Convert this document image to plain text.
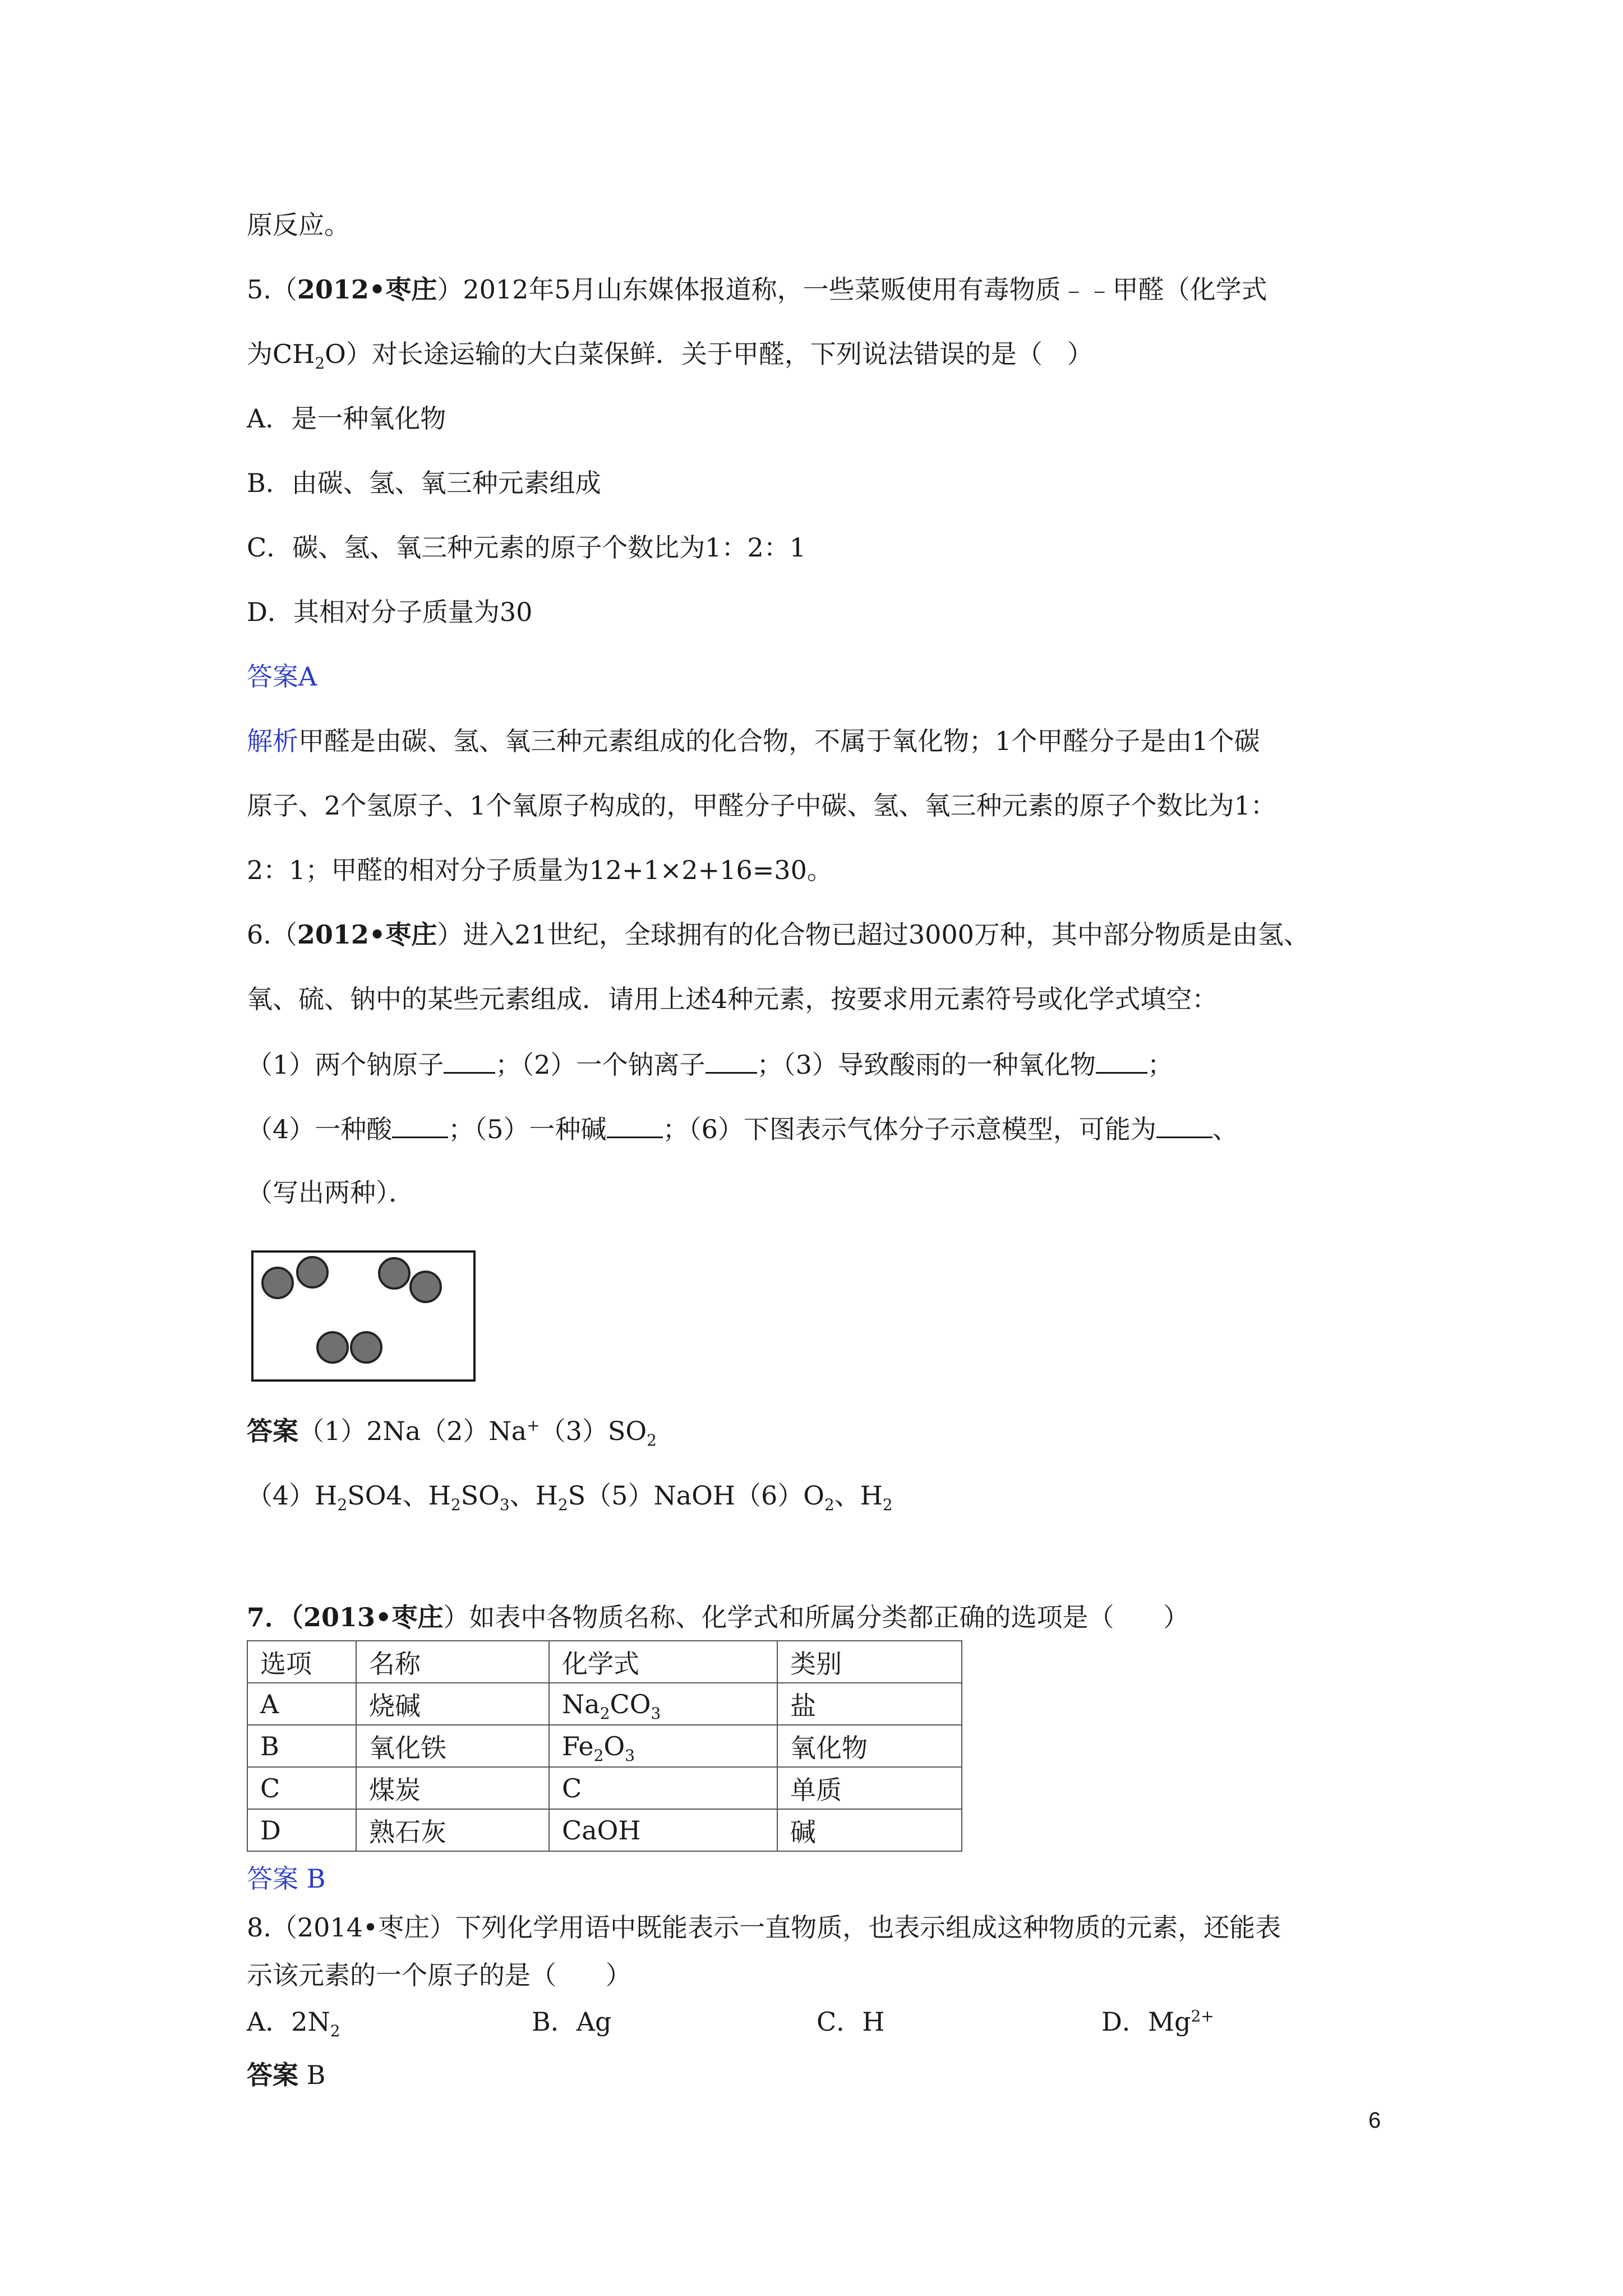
原反应。
5.（2012•枣庄）2012年5月山东媒体报道称，一些菜贩使用有毒物质﹣﹣甲醛（化学式
为$CH_2O$）对长途运输的大白菜保鲜．关于甲醛，下列说法错误的是（   ）
A．是一种氧化物
B．由碳、氢、氧三种元素组成
C．碳、氢、氧三种元素的原子个数比为1：2：1
D．其相对分子质量为30
答案A
解析甲醛是由碳、氢、氧三种元素组成的化合物，不属于氧化物；1个甲醛分子是由1个碳
原子、2个氢原子、1个氧原子构成的，甲醛分子中碳、氢、氧三种元素的原子个数比为1：
2：1；甲醛的相对分子质量为12+1×2+16=30。
6.（2012•枣庄）进入21世纪，全球拥有的化合物已超过3000万种，其中部分物质是由氢、
氧、硫、钠中的某些元素组成．请用上述4种元素，按要求用元素符号或化学式填空：
（1）两个钠原子 ；（2）一个钠离子 ；（3）导致酸雨的一种氧化物 ；
（4）一种酸 ；（5）一种碱 ；（6）下图表示气体分子示意模型，可能为 、
（写出两种）．
答案$(1)2Na(2)Na^+(3)SO_2$
$(4)H_2SO4$、$H_2SO_3$、$H_2S(5)NaOH(6)O_2$、$H_2$
7．（2013•枣庄）如表中各物质名称、化学式和所属分类都正确的选项是（      ）
选项	名称	化学式	类别
A	烧碱	$Na_2CO_3$	盐
B	氧化铁	$Fe_2O_3$	氧化物
C	煤炭	C	单质
D	熟石灰	CaOH	碱
答案 B
8.（2014•枣庄）下列化学用语中既能表示一直物质，也表示组成这种物质的元素，还能表
示该元素的一个原子的是（      ）
A．$2N_2$	B．Ag	C．H	D．$Mg^{2+}$
答案 B
6
